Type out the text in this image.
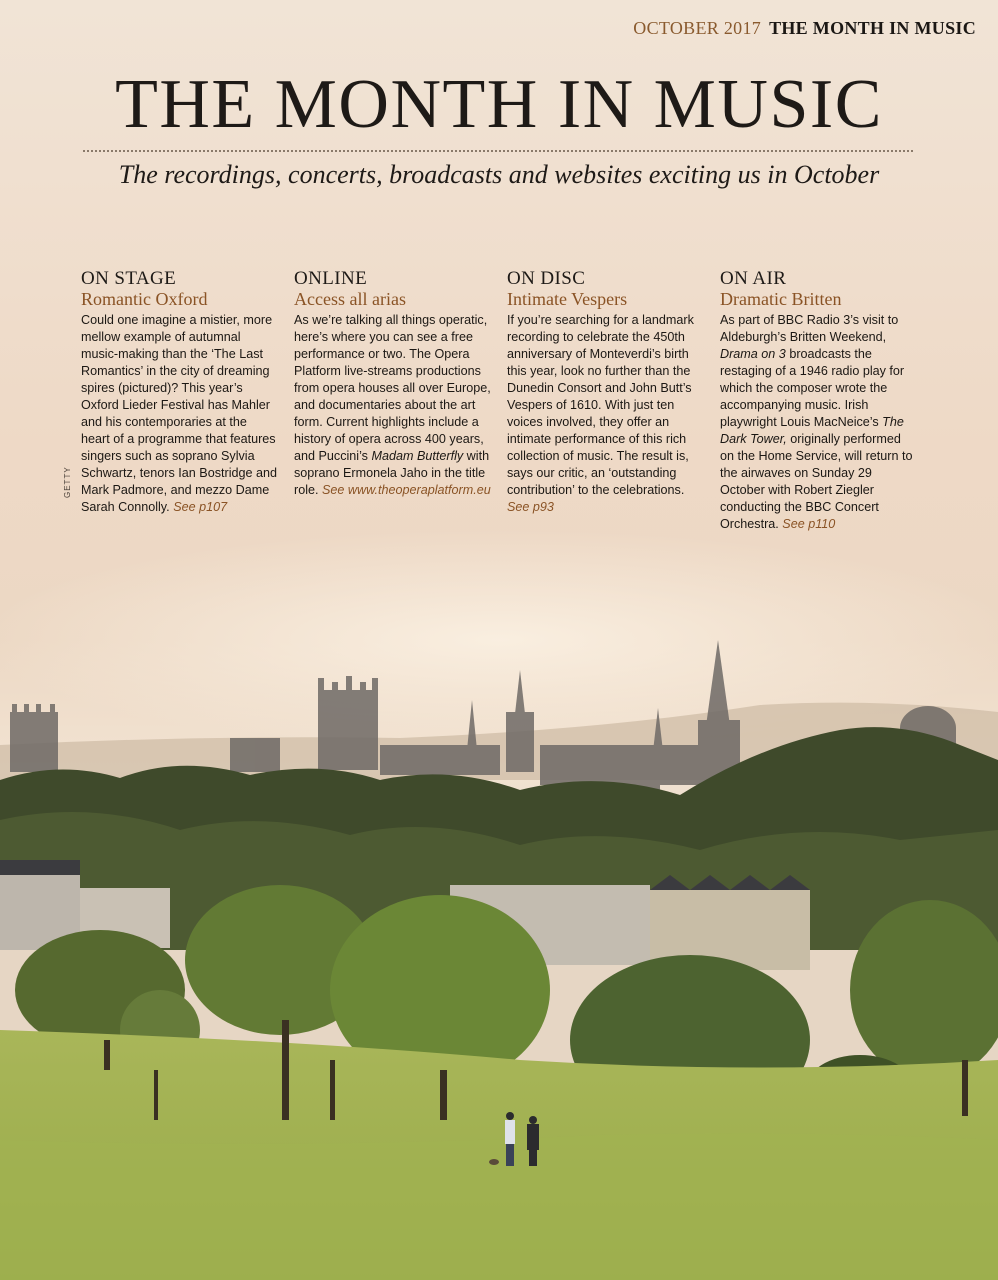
OCTOBER 2017 THE MONTH IN MUSIC
THE MONTH IN MUSIC
The recordings, concerts, broadcasts and websites exciting us in October
GETTY
ON STAGE
Romantic Oxford

Could one imagine a mistier, more mellow example of autumnal music-making than the ‘The Last Romantics’ in the city of dreaming spires (pictured)? This year’s Oxford Lieder Festival has Mahler and his contemporaries at the heart of a programme that features singers such as soprano Sylvia Schwartz, tenors Ian Bostridge and Mark Padmore, and mezzo Dame Sarah Connolly. See p107

ONLINE
Access all arias

As we’re talking all things operatic, here’s where you can see a free performance or two. The Opera Platform live-streams productions from opera houses all over Europe, and documentaries about the art form. Current highlights include a history of opera across 400 years, and Puccini’s Madam Butterfly with soprano Ermonela Jaho in the title role. See www.theoperaplatform.eu

ON DISC
Intimate Vespers

If you’re searching for a landmark recording to celebrate the 450th anniversary of Monteverdi’s birth this year, look no further than the Dunedin Consort and John Butt’s Vespers of 1610. With just ten voices involved, they offer an intimate performance of this rich collection of music. The result is, says our critic, an ‘outstanding contribution’ to the celebrations. See p93

ON AIR
Dramatic Britten

As part of BBC Radio 3’s visit to Aldeburgh’s Britten Weekend, Drama on 3 broadcasts the restaging of a 1946 radio play for which the composer wrote the accompanying music. Irish playwright Louis MacNeice’s The Dark Tower, originally performed on the Home Service, will return to the airwaves on Sunday 29 October with Robert Ziegler conducting the BBC Concert Orchestra. See p110
